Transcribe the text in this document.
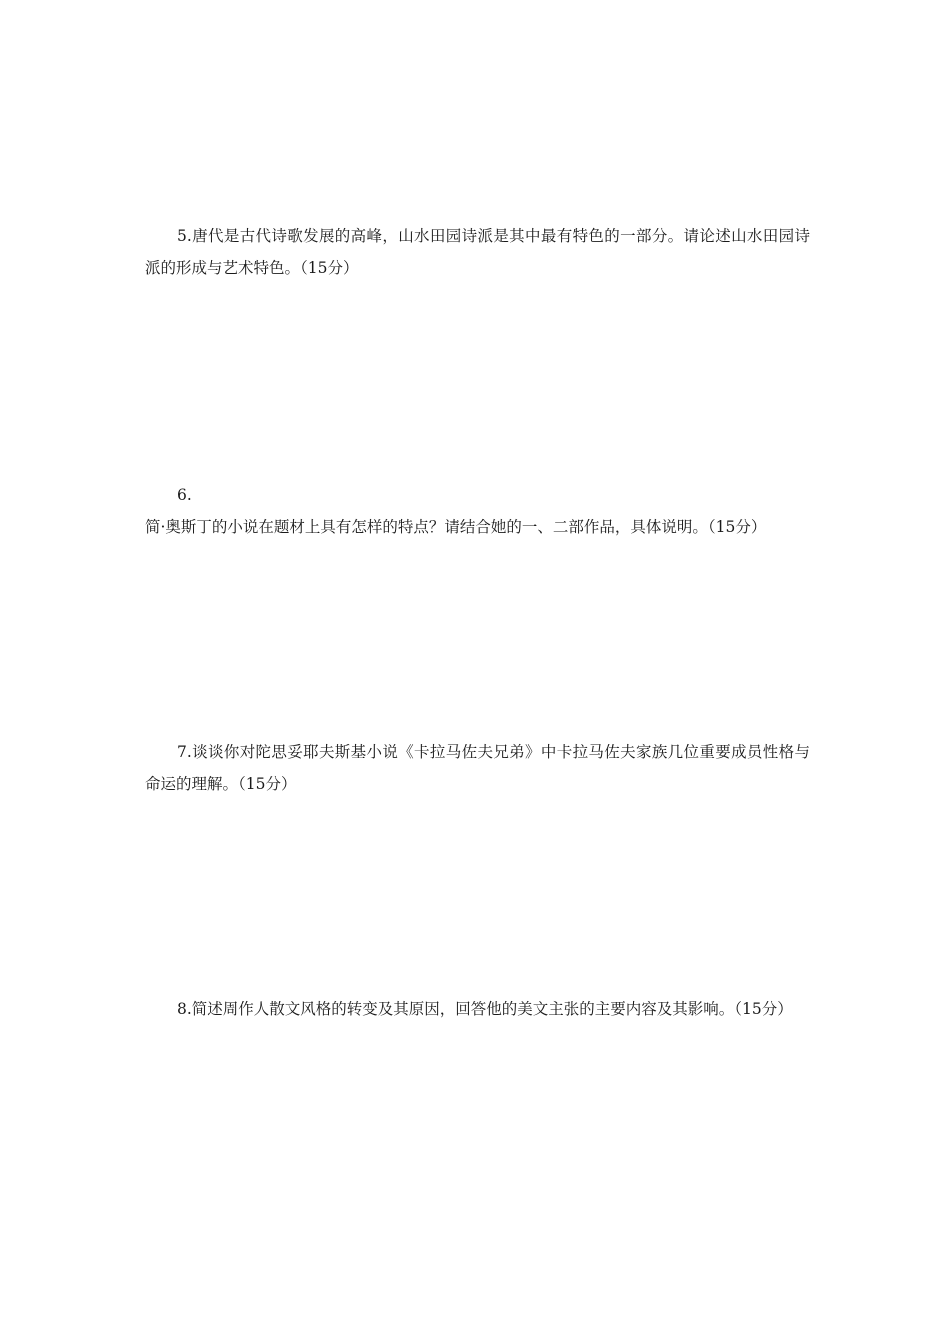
5.唐代是古代诗歌发展的高峰，山水田园诗派是其中最有特色的一部分。请论述山水田园诗派的形成与艺术特色。（15分）
6.简·奥斯丁的小说在题材上具有怎样的特点？请结合她的一、二部作品，具体说明。（15分）
7.谈谈你对陀思妥耶夫斯基小说《卡拉马佐夫兄弟》中卡拉马佐夫家族几位重要成员性格与命运的理解。（15分）
8.简述周作人散文风格的转变及其原因，回答他的美文主张的主要内容及其影响。（15分）
